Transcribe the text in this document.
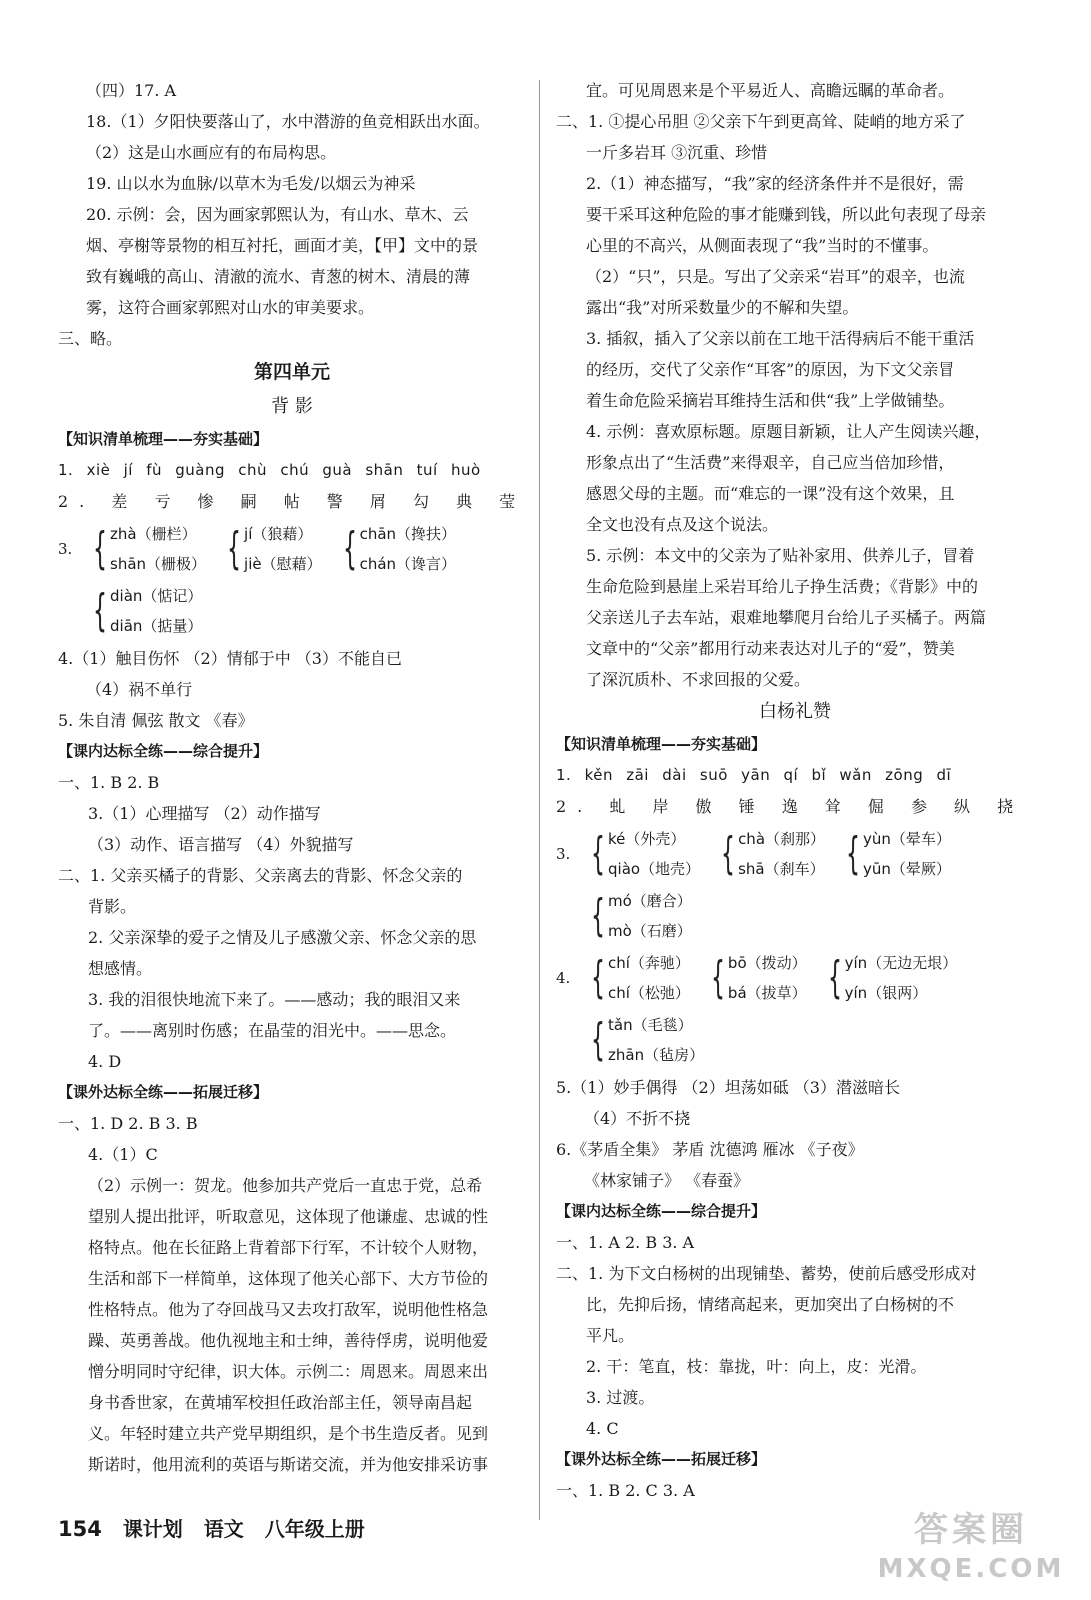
（四）17. A
18.（1）夕阳快要落山了，水中潜游的鱼竞相跃出水面。
（2）这是山水画应有的布局构思。
19. 山以水为血脉/以草木为毛发/以烟云为神采
20. 示例：会，因为画家郭熙认为，有山水、草木、云
烟、亭榭等景物的相互衬托，画面才美，【甲】文中的景
致有巍峨的高山、清澈的流水、青葱的树木、清晨的薄
雾，这符合画家郭熙对山水的审美要求。
三、略。
第四单元
背 影
【知识清单梳理——夯实基础】
1. xiè jí fù guàng chù chú guà shān tuí huò
2. 差 亏 惨 嗣 帖 警 屑 勾 典 莹
3. { zhà（栅栏）
shān（栅极） { jí（狼藉）
jiè（慰藉） { chān（搀扶）
chán（谗言）
{ diàn（惦记）
diān（掂量）
4.（1）触目伤怀 （2）情郁于中 （3）不能自已
（4）祸不单行
5. 朱自清 佩弦 散文 《春》
【课内达标全练——综合提升】
一、1. B 2. B
3.（1）心理描写 （2）动作描写
（3）动作、语言描写 （4）外貌描写
二、1. 父亲买橘子的背影、父亲离去的背影、怀念父亲的
背影。
2. 父亲深挚的爱子之情及儿子感激父亲、怀念父亲的思
想感情。
3. 我的泪很快地流下来了。——感动；我的眼泪又来
了。——离别时伤感；在晶莹的泪光中。——思念。
4. D
【课外达标全练——拓展迁移】
一、1. D 2. B 3. B
4.（1）C
（2）示例一：贺龙。他参加共产党后一直忠于党，总希
望别人提出批评，听取意见，这体现了他谦虚、忠诚的性
格特点。他在长征路上背着部下行军，不计较个人财物，
生活和部下一样简单，这体现了他关心部下、大方节俭的
性格特点。他为了夺回战马又去攻打敌军，说明他性格急
躁、英勇善战。他仇视地主和士绅，善待俘虏，说明他爱
憎分明同时守纪律，识大体。示例二：周恩来。周恩来出
身书香世家，在黄埔军校担任政治部主任，领导南昌起
义。年轻时建立共产党早期组织，是个书生造反者。见到
斯诺时，他用流利的英语与斯诺交流，并为他安排采访事
宜。可见周恩来是个平易近人、高瞻远瞩的革命者。
二、1. ①提心吊胆 ②父亲下午到更高耸、陡峭的地方采了
一斤多岩耳 ③沉重、珍惜
2.（1）神态描写，“我”家的经济条件并不是很好，需
要干采耳这种危险的事才能赚到钱，所以此句表现了母亲
心里的不高兴，从侧面表现了“我”当时的不懂事。
（2）“只”，只是。写出了父亲采“岩耳”的艰辛，也流
露出“我”对所采数量少的不解和失望。
3. 插叙，插入了父亲以前在工地干活得病后不能干重活
的经历，交代了父亲作“耳客”的原因，为下文父亲冒
着生命危险采摘岩耳维持生活和供“我”上学做铺垫。
4. 示例：喜欢原标题。原题目新颖，让人产生阅读兴趣，
形象点出了“生活费”来得艰辛，自己应当倍加珍惜，
感恩父母的主题。而“难忘的一课”没有这个效果，且
全文也没有点及这个说法。
5. 示例：本文中的父亲为了贴补家用、供养儿子，冒着
生命危险到悬崖上采岩耳给儿子挣生活费；《背影》中的
父亲送儿子去车站，艰难地攀爬月台给儿子买橘子。两篇
文章中的“父亲”都用行动来表达对儿子的“爱”，赞美
了深沉质朴、不求回报的父爱。
白杨礼赞
【知识清单梳理——夯实基础】
1. kěn zāi dài suō yān qí bǐ wǎn zōng dī
2. 虬 岸 傲 锤 逸 耸 倔 参 纵 挠
3. { ké（外壳）
qiào（地壳） { chà（刹那）
shā（刹车） { yùn（晕车）
yūn（晕厥）
{ mó（磨合）
mò（石磨）
4. { chí（奔驰）
chí（松弛） { bō（拨动）
bá（拔草） { yín（无边无垠）
yín（银两）
{ tǎn（毛毯）
zhān（毡房）
5.（1）妙手偶得 （2）坦荡如砥 （3）潜滋暗长
（4）不折不挠
6.《茅盾全集》 茅盾 沈德鸿 雁冰 《子夜》
《林家铺子》 《春蚕》
【课内达标全练——综合提升】
一、1. A 2. B 3. A
二、1. 为下文白杨树的出现铺垫、蓄势，使前后感受形成对
比，先抑后扬，情绪高起来，更加突出了白杨树的不
平凡。
2. 干：笔直，枝：靠拢，叶：向上，皮：光滑。
3. 过渡。
4. C
【课外达标全练——拓展迁移】
一、1. B 2. C 3. A
154 课计划 语文 八年级上册	答案圈
MXQE.COM
